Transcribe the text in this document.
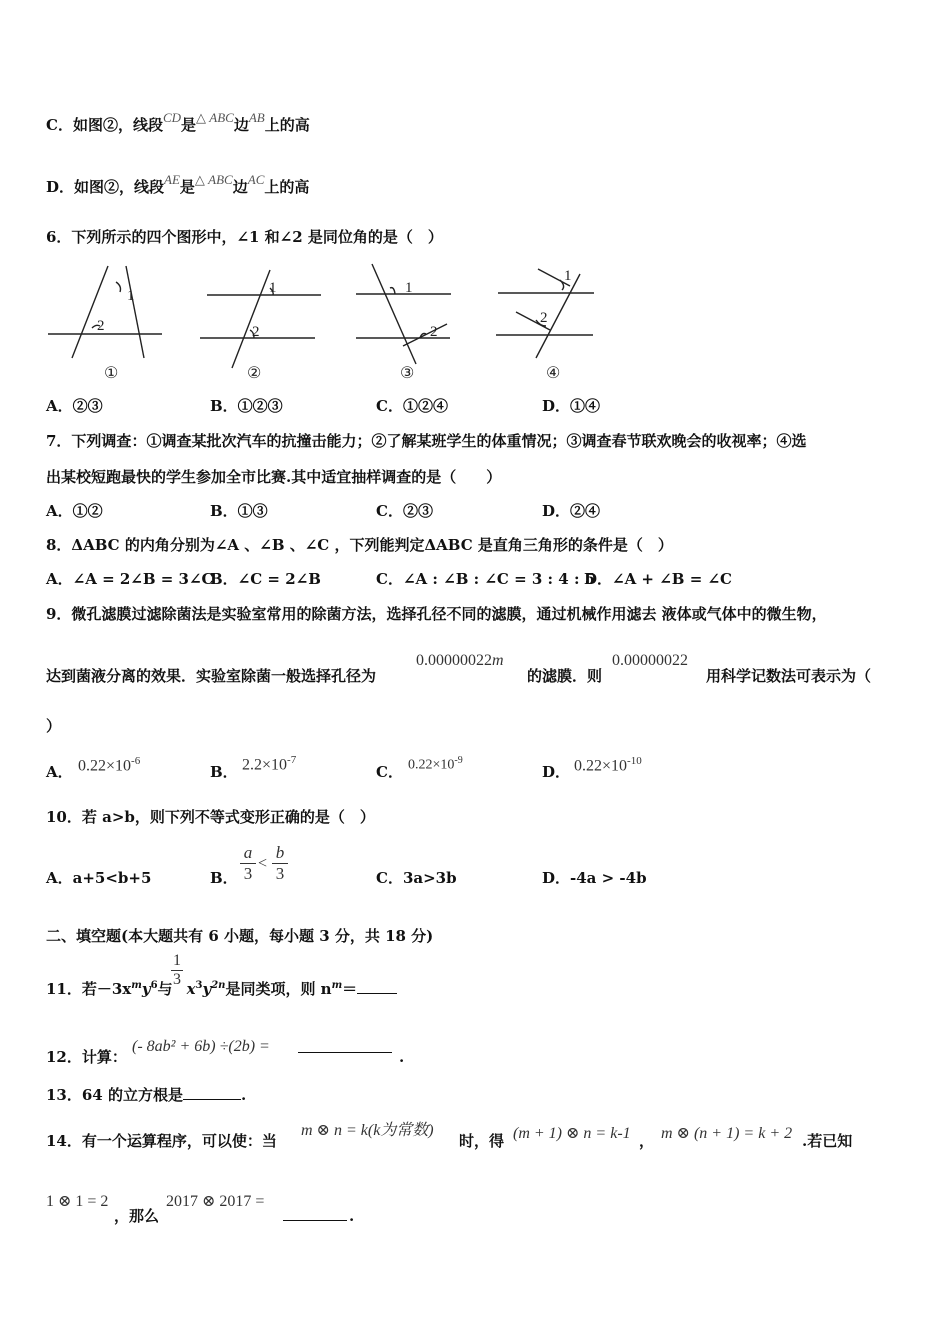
C．如图②，线段CD是△ ABC边AB上的高
D．如图②，线段AE是△ ABC边AC上的高
6．下列所示的四个图形中，∠1 和∠2 是同位角的是（　）
1
2
1
2
1
2
1
2
①	②	③	④
A．②③	B．①②③	C．①②④	D．①④
7．下列调查：①调查某批次汽车的抗撞击能力；②了解某班学生的体重情况；③调查春节联欢晚会的收视率；④选
出某校短跑最快的学生参加全市比赛.其中适宜抽样调查的是（　　）
A．①②	B．①③	C．②③	D．②④
8．ΔABC 的内角分别为∠A 、∠B 、∠C ，下列能判定ΔABC 是直角三角形的条件是（　）
A．∠A = 2∠B = 3∠C
B．∠C = 2∠B	C．∠A : ∠B : ∠C = 3 : 4 : 5
D．∠A + ∠B = ∠C
9．微孔滤膜过滤除菌法是实验室常用的除菌方法，选择孔径不同的滤膜，通过机械作用滤去 液体或气体中的微生物，
达到菌液分离的效果．实验室除菌一般选择孔径为
0.00000022m
的滤膜．则
0.00000022
用科学记数法可表示为（
）
A． $0.22\times 10^{-6}$
B． $2.2\times 10^{-7}$
C． $0.22\times 10^{-9}$
D． $0.22\times 10^{-10}$
10．若 a>b，则下列不等式变形正确的是（　）
A．a+5<b+5	B． $\frac{a}{3} < \frac{b}{3}$	C．3a>3b	D．-4a > -4b
二、填空题(本大题共有 6 小题，每小题 3 分，共 18 分)
11．若$-3x^my^6$与 $x^3y^{2n}$是同类项，则 $n^m=$
$\frac{1}{3}$
12．计算：
(- 8ab² + 6b) ÷(2b) =
.
13．64 的立方根是	.
14．有一个运算程序，可以使：当
m ⊗ n = k(k为常数)
时，得 (m + 1) ⊗ n = k-1 ， m ⊗ (n + 1) = k + 2 .若已知
1 ⊗ 1 = 2
，那么
2017 ⊗ 2017 =
.
